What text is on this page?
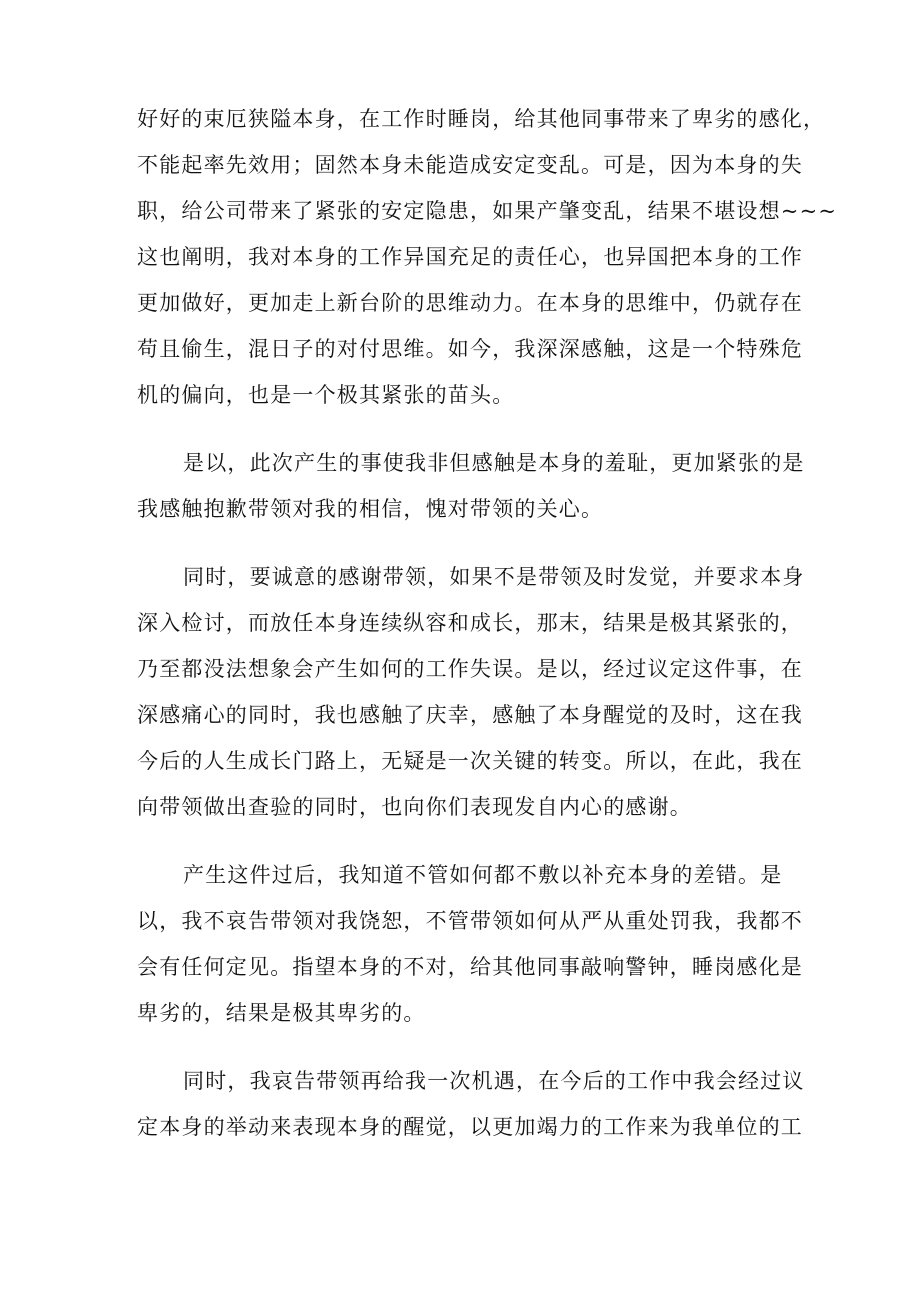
好好的束厄狭隘本身，在工作时睡岗，给其他同事带来了卑劣的感化，
不能起率先效用；固然本身未能造成安定变乱。可是，因为本身的失
职，给公司带来了紧张的安定隐患，如果产肇变乱，结果不堪设想~~~
这也阐明，我对本身的工作异国充足的责任心，也异国把本身的工作
更加做好，更加走上新台阶的思维动力。在本身的思维中，仍就存在
苟且偷生，混日子的对付思维。如今，我深深感触，这是一个特殊危
机的偏向，也是一个极其紧张的苗头。
是以，此次产生的事使我非但感触是本身的羞耻，更加紧张的是
我感触抱歉带领对我的相信，愧对带领的关心。
同时，要诚意的感谢带领，如果不是带领及时发觉，并要求本身
深入检讨，而放任本身连续纵容和成长，那末，结果是极其紧张的，
乃至都没法想象会产生如何的工作失误。是以，经过议定这件事，在
深感痛心的同时，我也感触了庆幸，感触了本身醒觉的及时，这在我
今后的人生成长门路上，无疑是一次关键的转变。所以，在此，我在
向带领做出查验的同时，也向你们表现发自内心的感谢。
产生这件过后，我知道不管如何都不敷以补充本身的差错。是
以，我不哀告带领对我饶恕，不管带领如何从严从重处罚我，我都不
会有任何定见。指望本身的不对，给其他同事敲响警钟，睡岗感化是
卑劣的，结果是极其卑劣的。
同时，我哀告带领再给我一次机遇，在今后的工作中我会经过议
定本身的举动来表现本身的醒觉，以更加竭力的工作来为我单位的工
